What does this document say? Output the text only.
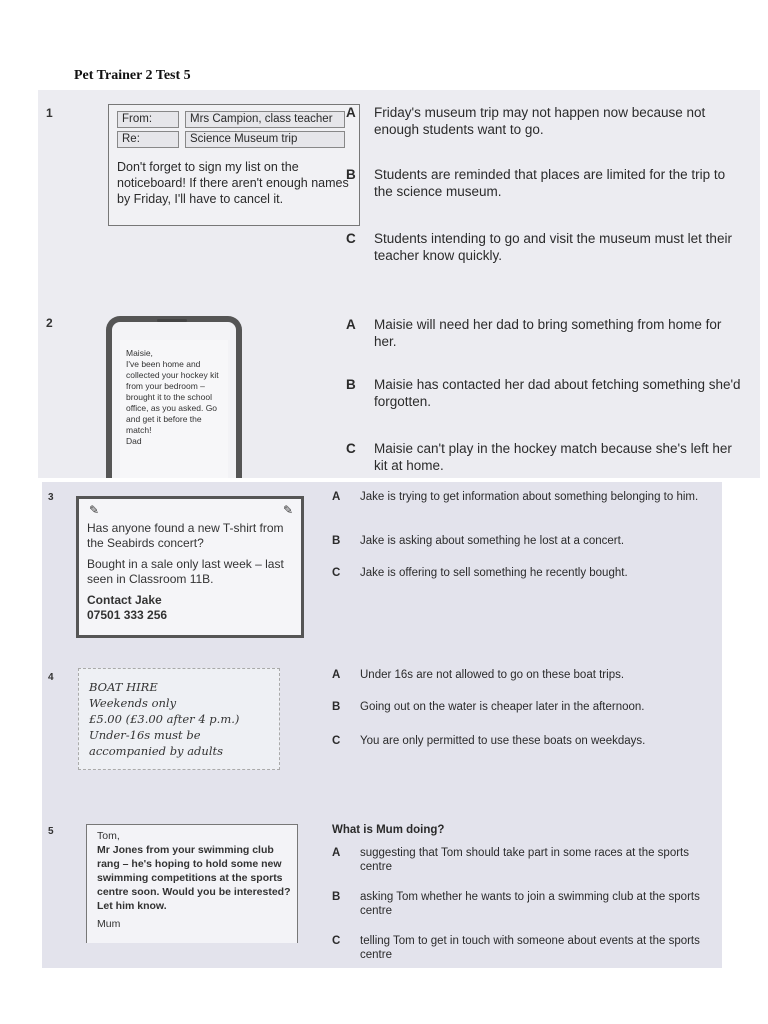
Pet Trainer 2 Test 5
1	From:	Mrs Campion, class teacher
Re:	Science Museum trip
Don't forget to sign my list on the noticeboard! If there aren't enough names by Friday, I'll have to cancel it.
A	Friday's museum trip may not happen now because not enough students want to go.
B	Students are reminded that places are limited for the trip to the science museum.
C	Students intending to go and visit the museum must let their teacher know quickly.
2
Maisie,
I've been home and collected your hockey kit from your bedroom – brought it to the school office, as you asked. Go and get it before the match!
Dad
A	Maisie will need her dad to bring something from home for her.
B	Maisie has contacted her dad about fetching something she'd forgotten.
C	Maisie can't play in the hockey match because she's left her kit at home.
3
✎	✎
Has anyone found a new T-shirt from the Seabirds concert?
Bought in a sale only last week – last seen in Classroom 11B.
Contact Jake
07501 333 256
A	Jake is trying to get information about something belonging to him.
B	Jake is asking about something he lost at a concert.
C	Jake is offering to sell something he recently bought.
4
BOAT HIRE
Weekends only
£5.00 (£3.00 after 4 p.m.)
Under-16s must be
accompanied by adults
A	Under 16s are not allowed to go on these boat trips.
B	Going out on the water is cheaper later in the afternoon.
C	You are only permitted to use these boats on weekdays.
5	Tom,
Mr Jones from your swimming club rang – he's hoping to hold some new swimming competitions at the sports centre soon. Would you be interested? Let him know.
Mum
What is Mum doing?
A	suggesting that Tom should take part in some races at the sports centre
B	asking Tom whether he wants to join a swimming club at the sports centre
C	telling Tom to get in touch with someone about events at the sports centre
